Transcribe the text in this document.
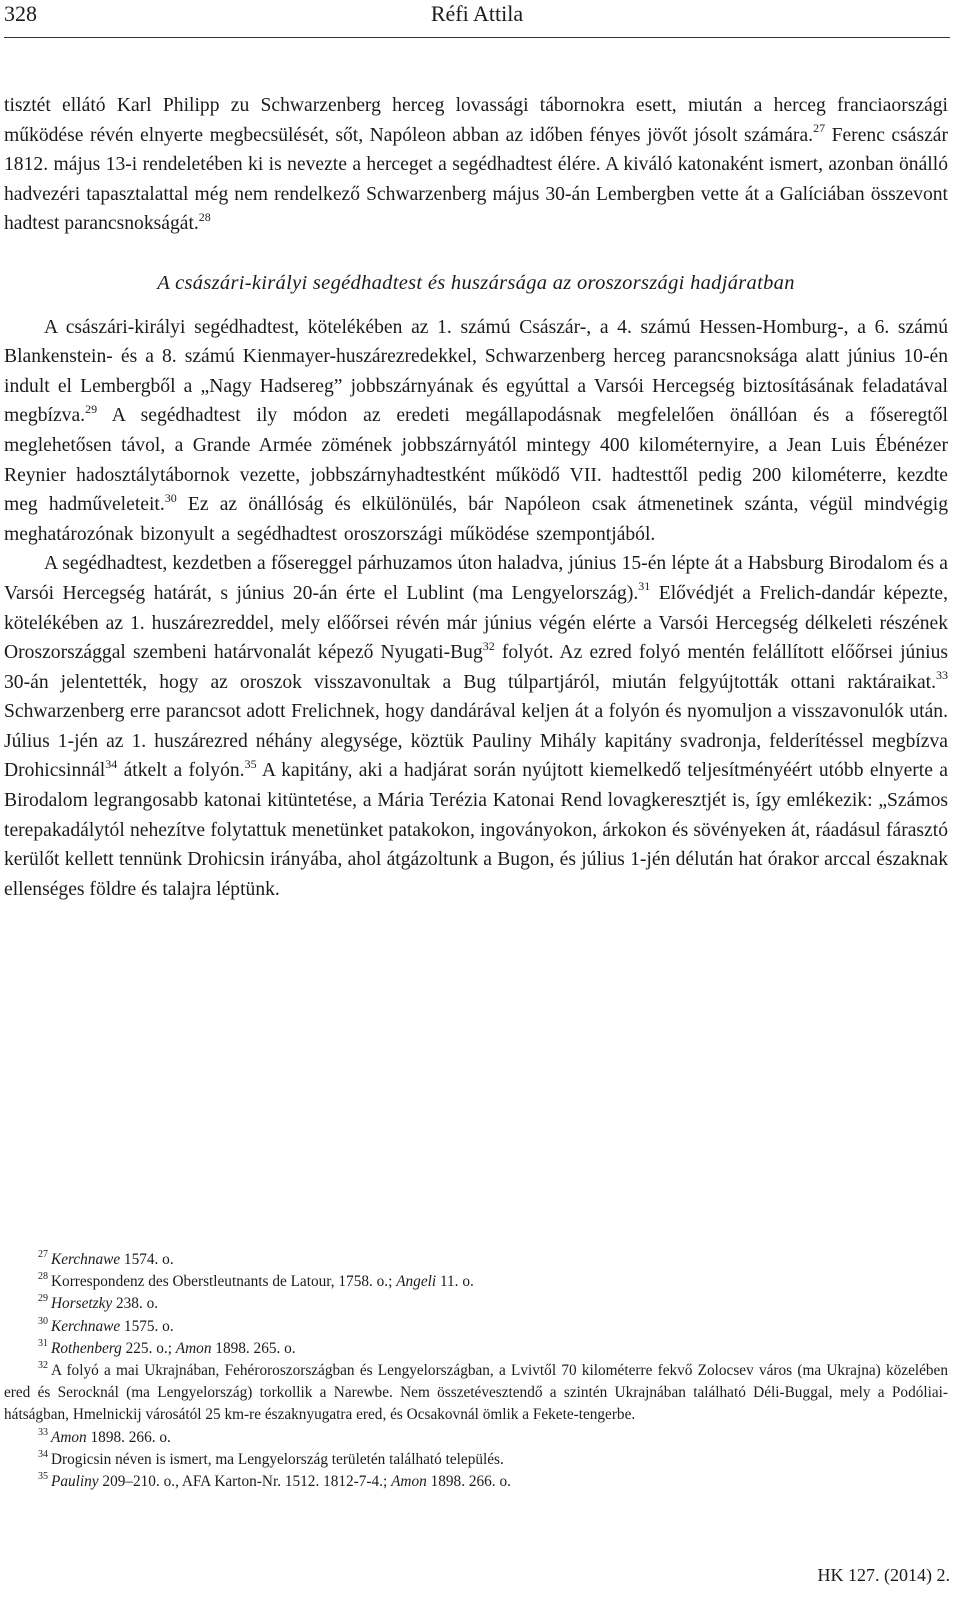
328	Réfi Attila

tisztét ellátó Karl Philipp zu Schwarzenberg herceg lovassági tábornokra esett, miután a herceg franciaországi működése révén elnyerte megbecsülését, sőt, Napóleon abban az időben fényes jövőt jósolt számára.$^{27}$ Ferenc császár 1812. május 13-i rendeletében ki is nevezte a herceget a segédhadtest élére. A kiváló katonaként ismert, azonban önálló hadvezéri tapasztalattal még nem rendelkező Schwarzenberg május 30-án Lembergben vette át a Galíciában összevont hadtest parancsnokságát.$^{28}$

A császári-királyi segédhadtest és huszársága az oroszországi hadjáratban

A császári-királyi segédhadtest, kötelékében az 1. számú Császár-, a 4. számú Hessen-Homburg-, a 6. számú Blankenstein- és a 8. számú Kienmayer-huszárezredekkel, Schwarzenberg herceg parancsnoksága alatt június 10-én indult el Lembergből a „Nagy Hadsereg” jobbszárnyának és egyúttal a Varsói Hercegség biztosításának feladatával megbízva.$^{29}$ A segédhadtest ily módon az eredeti megállapodásnak megfelelően önállóan és a főseregtől meglehetősen távol, a Grande Armée zömének jobbszárnyától mintegy 400 kilométernyire, a Jean Luis Ébénézer Reynier hadosztálytábornok vezette, jobbszárnyhadtestként működő VII. hadtesttől pedig 200 kilométerre, kezdte meg hadműveleteit.$^{30}$ Ez az önállóság és elkülönülés, bár Napóleon csak átmenetinek szánta, végül mindvégig meghatározónak bizonyult a segédhadtest oroszországi működése szempontjából.

A segédhadtest, kezdetben a fősereggel párhuzamos úton haladva, június 15-én lépte át a Habsburg Birodalom és a Varsói Hercegség határát, s június 20-án érte el Lublint (ma Lengyelország).$^{31}$ Elővédjét a Frelich-dandár képezte, kötelékében az 1. huszárezreddel, mely előőrsei révén már június végén elérte a Varsói Hercegség délkeleti részének Oroszországgal szembeni határvonalát képező Nyugati-Bug$^{32}$ folyót. Az ezred folyó mentén felállított előőrsei június 30-án jelentették, hogy az oroszok visszavonultak a Bug túlpartjáról, miután felgyújtották ottani raktáraikat.$^{33}$ Schwarzenberg erre parancsot adott Frelichnek, hogy dandárával keljen át a folyón és nyomuljon a visszavonulók után. Július 1-jén az 1. huszárezred néhány alegysége, köztük Pauliny Mihály kapitány svadronja, felderítéssel megbízva Drohicsinnál$^{34}$ átkelt a folyón.$^{35}$ A kapitány, aki a hadjárat során nyújtott kiemelkedő teljesítményéért utóbb elnyerte a Birodalom legrangosabb katonai kitüntetése, a Mária Terézia Katonai Rend lovagkeresztjét is, így emlékezik: „Számos terepakadálytól nehezítve folytattuk menetünket patakokon, ingoványokon, árkokon és sövényeken át, ráadásul fárasztó kerülőt kellett tennünk Drohicsin irányába, ahol átgázoltunk a Bugon, és július 1-jén délután hat órakor arccal északnak ellenséges földre és talajra léptünk.

$^{27}$ Kerchnawe 1574. o.

$^{28}$ Korrespondenz des Oberstleutnants de Latour, 1758. o.; Angeli 11. o.

$^{29}$ Horsetzky 238. o.

$^{30}$ Kerchnawe 1575. o.

$^{31}$ Rothenberg 225. o.; Amon 1898. 265. o.

$^{32}$ A folyó a mai Ukrajnában, Fehéroroszországban és Lengyelországban, a Lvivtől 70 kilométerre fekvő Zolocsev város (ma Ukrajna) közelében ered és Serocknál (ma Lengyelország) torkollik a Narewbe. Nem összetévesztendő a szintén Ukrajnában található Déli-Buggal, mely a Podóliai-hátságban, Hmelnickij városától 25 km-re északnyugatra ered, és Ocsakovnál ömlik a Fekete-tengerbe.

$^{33}$ Amon 1898. 266. o.

$^{34}$ Drogicsin néven is ismert, ma Lengyelország területén található település.

$^{35}$ Pauliny 209–210. o., AFA Karton-Nr. 1512. 1812-7-4.; Amon 1898. 266. o.

HK 127. (2014) 2.
